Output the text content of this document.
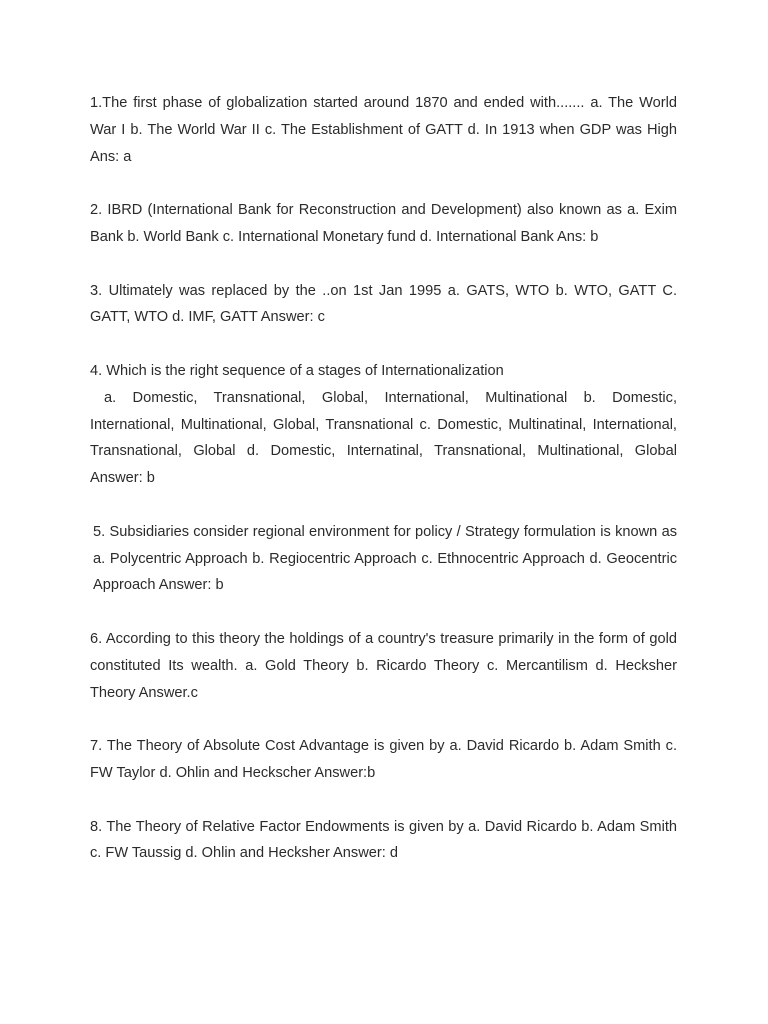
1.The first phase of globalization started around 1870 and ended with....... a. The World War I b. The World War II c. The Establishment of GATT d. In 1913 when GDP was High Ans: a

2. IBRD (International Bank for Reconstruction and Development) also known as a. Exim Bank b. World Bank c. International Monetary fund d. International Bank Ans: b

3. Ultimately was replaced by the ..on 1st Jan 1995 a. GATS, WTO b. WTO, GATT C. GATT, WTO d. IMF, GATT Answer: c

4. Which is the right sequence of a stages of Internationalization
a. Domestic, Transnational, Global, International, Multinational b. Domestic, International, Multinational, Global, Transnational c. Domestic, Multinatinal, International, Transnational, Global d. Domestic, Internatinal, Transnational, Multinational, Global Answer: b

5. Subsidiaries consider regional environment for policy / Strategy formulation is known as a. Polycentric Approach b. Regiocentric Approach c. Ethnocentric Approach d. Geocentric Approach Answer: b

6. According to this theory the holdings of a country's treasure primarily in the form of gold constituted Its wealth. a. Gold Theory b. Ricardo Theory c. Mercantilism d. Hecksher Theory Answer.c

7. The Theory of Absolute Cost Advantage is given by a. David Ricardo b. Adam Smith c. FW Taylor d. Ohlin and Heckscher Answer:b

8. The Theory of Relative Factor Endowments is given by a. David Ricardo b. Adam Smith c. FW Taussig d. Ohlin and Hecksher Answer: d
